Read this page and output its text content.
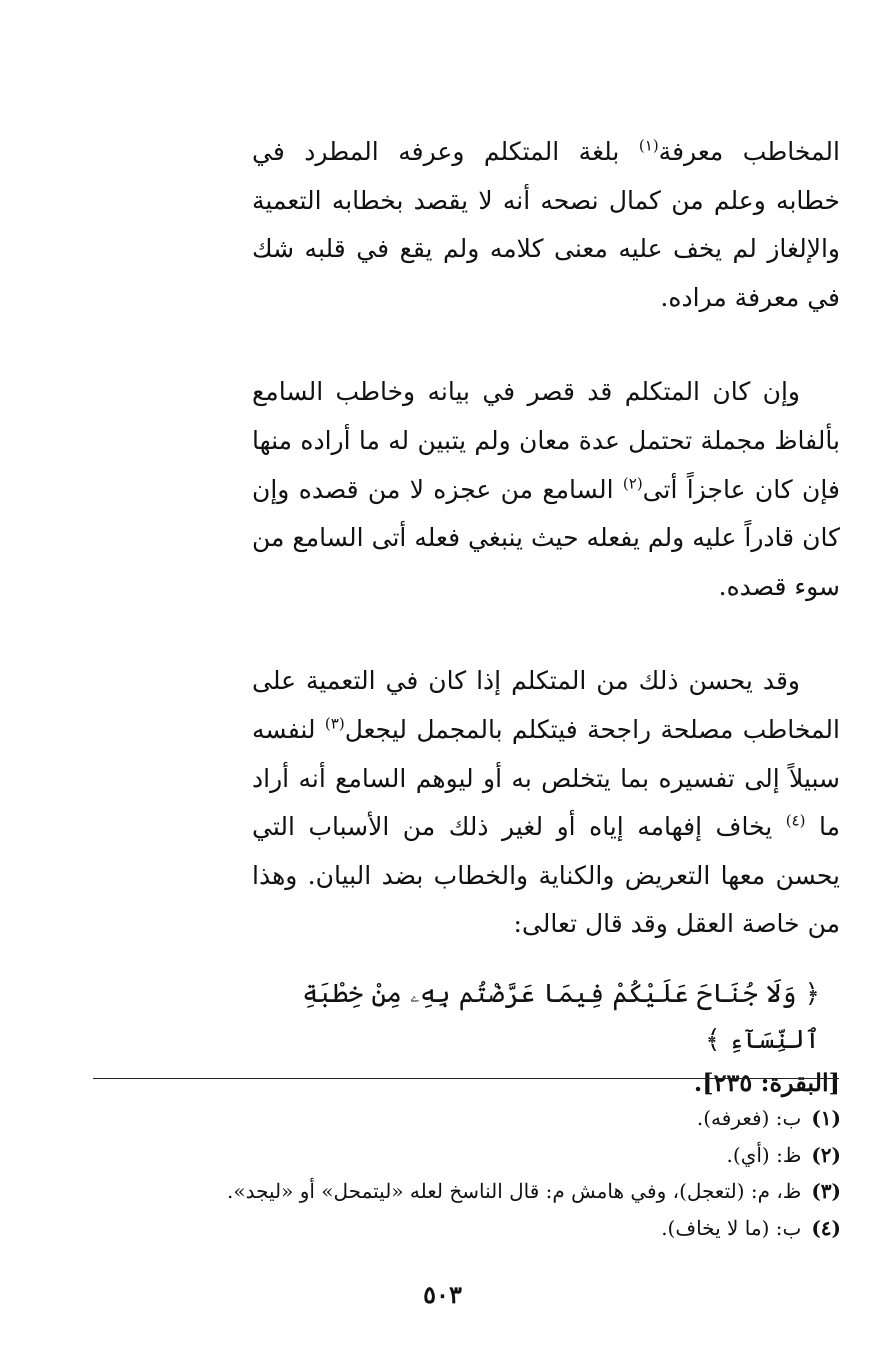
المخاطب معرفة$^{(١)}$ بلغة المتكلم وعرفه المطرد في خطابه وعلم من كمال نصحه أنه لا يقصد بخطابه التعمية والإلغاز لم يخف عليه معنى كلامه ولم يقع في قلبه شك في معرفة مراده.

وإن كان المتكلم قد قصر في بيانه وخاطب السامع بألفاظ مجملة تحتمل عدة معان ولم يتبين له ما أراده منها فإن كان عاجزاً أتى$^{(٢)}$ السامع من عجزه لا من قصده وإن كان قادراً عليه ولم يفعله حيث ينبغي فعله أتى السامع من سوء قصده.

وقد يحسن ذلك من المتكلم إذا كان في التعمية على المخاطب مصلحة راجحة فيتكلم بالمجمل ليجعل$^{(٣)}$ لنفسه سبيلاً إلى تفسيره بما يتخلص به أو ليوهم السامع أنه أراد ما $^{(٤)}$ يخاف إفهامه إياه أو لغير ذلك من الأسباب التي يحسن معها التعريض والكناية والخطاب بضد البيان. وهذا من خاصة العقل وقد قال تعالى:

﴿ وَلَا جُنَاحَ عَلَيْكُمْ فِيمَا عَرَّضْتُم بِهِۦ مِنْ خِطْبَةِ ٱلنِّسَآءِ ﴾

[البقرة: ٢٣٥].

(١)ب: (فعرفه).

(٢)ظ: (أي).

(٣)ظ، م: (لتعجل)، وفي هامش م: قال الناسخ لعله «ليتمحل» أو «ليجد».

(٤)ب: (ما لا يخاف).

٥٠٣
